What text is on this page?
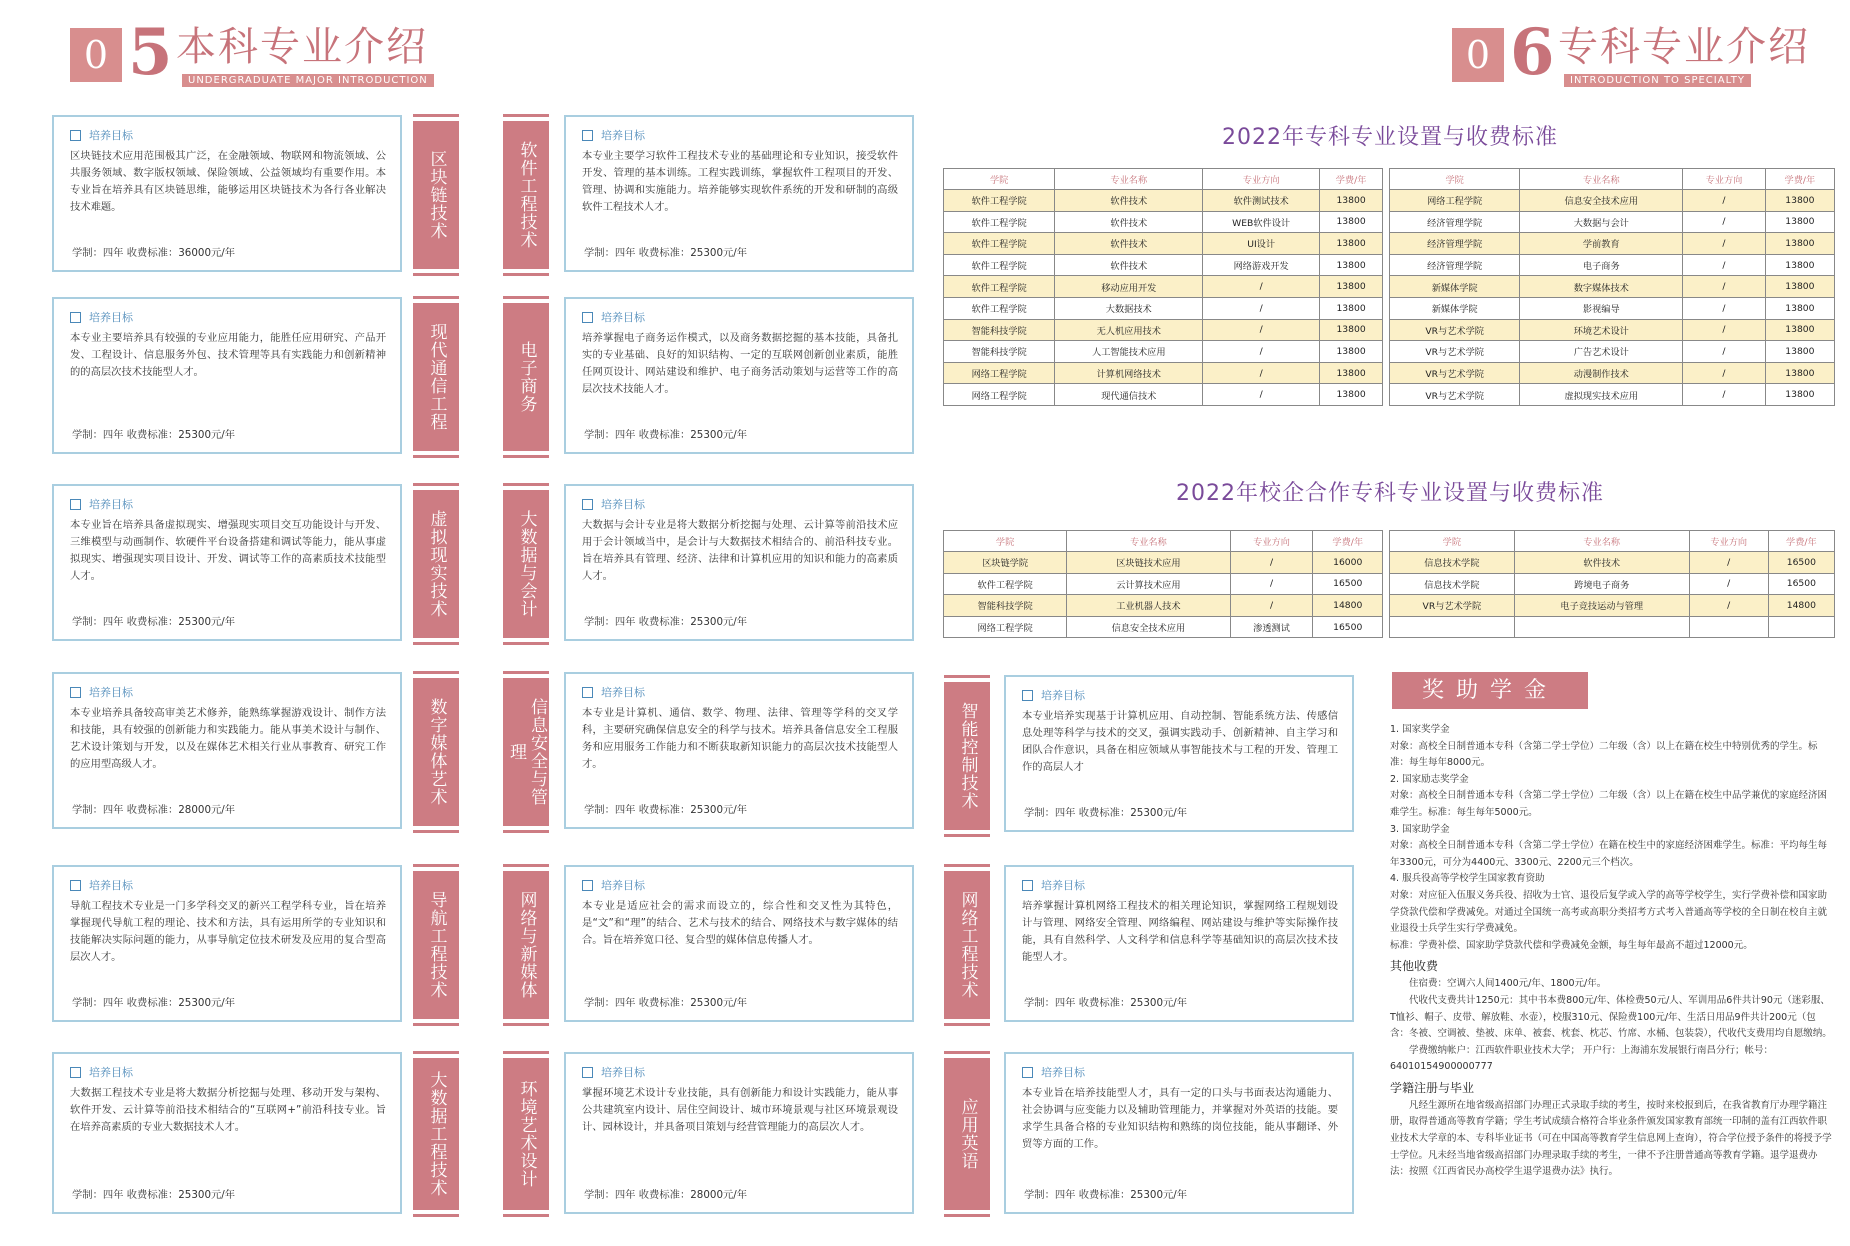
0 5 本科专业介绍
UNDERGRADUATE MAJOR INTRODUCTION
0 6 专科专业介绍
INTRODUCTION TO SPECIALTY
培养目标
区块链技术应用范围极其广泛，在金融领域、物联网和物流领域、公共服务领域、数字版权领域、保险领域、公益领域均有重要作用。本专业旨在培养具有区块链思维，能够运用区块链技术为各行各业解决技术难题。
学制：四年 收费标准：36000元/年
培养目标
本专业主要培养具有较强的专业应用能力，能胜任应用研究、产品开发、工程设计、信息服务外包、技术管理等具有实践能力和创新精神的的高层次技术技能型人才。
学制：四年 收费标准：25300元/年
培养目标
本专业旨在培养具备虚拟现实、增强现实项目交互功能设计与开发、三维模型与动画制作、软硬件平台设备搭建和调试等能力，能从事虚拟现实、增强现实项目设计、开发、调试等工作的高素质技术技能型人才。
学制：四年 收费标准：25300元/年
培养目标
本专业培养具备较高审美艺术修养，能熟练掌握游戏设计、制作方法和技能，具有较强的创新能力和实践能力。能从事美术设计与制作、艺术设计策划与开发，以及在媒体艺术相关行业从事教育、研究工作的应用型高级人才。
学制：四年 收费标准：28000元/年
培养目标
导航工程技术专业是一门多学科交叉的新兴工程学科专业，旨在培养掌握现代导航工程的理论、技术和方法，具有运用所学的专业知识和技能解决实际问题的能力，从事导航定位技术研发及应用的复合型高层次人才。
学制：四年 收费标准：25300元/年
培养目标
大数据工程技术专业是将大数据分析挖掘与处理、移动开发与架构、软件开发、云计算等前沿技术相结合的“互联网+”前沿科技专业。旨在培养高素质的专业大数据技术人才。
学制：四年 收费标准：25300元/年
区块链技术
现代通信工程
虚拟现实技术
数字媒体艺术
导航工程技术
大数据工程技术
软件工程技术
电子商务
大数据与会计
信息安全与管理
网络与新媒体
环境艺术设计
培养目标
本专业主要学习软件工程技术专业的基础理论和专业知识，接受软件开发、管理的基本训练。工程实践训练，掌握软件工程项目的开发、管理、协调和实施能力。培养能够实现软件系统的开发和研制的高级软件工程技术人才。
学制：四年 收费标准：25300元/年
培养目标
培养掌握电子商务运作模式，以及商务数据挖掘的基本技能，具备扎实的专业基础、良好的知识结构、一定的互联网创新创业素质，能胜任网页设计、网站建设和维护、电子商务活动策划与运营等工作的高层次技术技能人才。
学制：四年 收费标准：25300元/年
培养目标
大数据与会计专业是将大数据分析挖掘与处理、云计算等前沿技术应用于会计领域当中，是会计与大数据技术相结合的、前沿科技专业。旨在培养具有管理、经济、法律和计算机应用的知识和能力的高素质人才。
学制：四年 收费标准：25300元/年
培养目标
本专业是计算机、通信、数学、物理、法律、管理等学科的交叉学科，主要研究确保信息安全的科学与技术。培养具备信息安全工程服务和应用服务工作能力和不断获取新知识能力的高层次技术技能型人才。
学制：四年 收费标准：25300元/年
培养目标
本专业是适应社会的需求而设立的，综合性和交叉性为其特色，是“文”和“理”的结合、艺术与技术的结合、网络技术与数字媒体的结合。旨在培养宽口径、复合型的媒体信息传播人才。
学制：四年 收费标准：25300元/年
培养目标
掌握环境艺术设计专业技能，具有创新能力和设计实践能力，能从事公共建筑室内设计、居住空间设计、城市环境景观与社区环境景观设计、园林设计，并具备项目策划与经营管理能力的高层次人才。
学制：四年 收费标准：28000元/年
智能控制技术
网络工程技术
应用英语
培养目标
本专业培养实现基于计算机应用、自动控制、智能系统方法、传感信息处理等科学与技术的交叉，强调实践动手、创新精神、自主学习和团队合作意识，具备在相应领域从事智能技术与工程的开发、管理工作的高层人才
学制：四年 收费标准：25300元/年
培养目标
培养掌握计算机网络工程技术的相关理论知识，掌握网络工程规划设计与管理、网络安全管理、网络编程、网站建设与维护等实际操作技能，具有自然科学、人文科学和信息科学等基础知识的高层次技术技能型人才。
学制：四年 收费标准：25300元/年
培养目标
本专业旨在培养技能型人才，具有一定的口头与书面表达沟通能力、社会协调与应变能力以及辅助管理能力，并掌握对外英语的技能。要求学生具备合格的专业知识结构和熟练的岗位技能，能从事翻译、外贸等方面的工作。
学制：四年 收费标准：25300元/年
2022年专科专业设置与收费标准
学院	专业名称	专业方向	学费/年
软件工程学院	软件技术	软件测试技术	13800
软件工程学院	软件技术	WEB软件设计	13800
软件工程学院	软件技术	UI设计	13800
软件工程学院	软件技术	网络游戏开发	13800
软件工程学院	移动应用开发	/	13800
软件工程学院	大数据技术	/	13800
智能科技学院	无人机应用技术	/	13800
智能科技学院	人工智能技术应用	/	13800
网络工程学院	计算机网络技术	/	13800
网络工程学院	现代通信技术	/	13800
学院	专业名称	专业方向	学费/年
网络工程学院	信息安全技术应用	/	13800
经济管理学院	大数据与会计	/	13800
经济管理学院	学前教育	/	13800
经济管理学院	电子商务	/	13800
新媒体学院	数字媒体技术	/	13800
新媒体学院	影视编导	/	13800
VR与艺术学院	环境艺术设计	/	13800
VR与艺术学院	广告艺术设计	/	13800
VR与艺术学院	动漫制作技术	/	13800
VR与艺术学院	虚拟现实技术应用	/	13800
2022年校企合作专科专业设置与收费标准
学院	专业名称	专业方向	学费/年
区块链学院	区块链技术应用	/	16000
软件工程学院	云计算技术应用	/	16500
智能科技学院	工业机器人技术	/	14800
网络工程学院	信息安全技术应用	渗透测试	16500
学院	专业名称	专业方向	学费/年
信息技术学院	软件技术	/	16500
信息技术学院	跨境电子商务	/	16500
VR与艺术学院	电子竞技运动与管理	/	14800

奖助学金

1. 国家奖学金

对象：高校全日制普通本专科（含第二学士学位）二年级（含）以上在籍在校生中特别优秀的学生。标准：每生每年8000元。

2. 国家励志奖学金

对象：高校全日制普通本专科（含第二学士学位）二年级（含）以上在籍在校生中品学兼优的家庭经济困难学生。标准：每生每年5000元。

3. 国家助学金

对象：高校全日制普通本专科（含第二学士学位）在籍在校生中的家庭经济困难学生。标准：平均每生每年3300元，可分为4400元、3300元、2200元三个档次。

4. 服兵役高等学校学生国家教育资助

对象：对应征入伍服义务兵役、招收为士官、退役后复学或入学的高等学校学生，实行学费补偿和国家助学贷款代偿和学费减免。对通过全国统一高考或高职分类招考方式考入普通高等学校的全日制在校自主就业退役士兵学生实行学费减免。

标准：学费补偿、国家助学贷款代偿和学费减免金额，每生每年最高不超过12000元。

其他收费

住宿费：空调六人间1400元/年、1800元/年。

代收代支费共计1250元：其中书本费800元/年、体检费50元/人、军训用品6件共计90元（迷彩服、T恤衫、帽子、皮带、解放鞋、水壶），校服310元、保险费100元/年、生活日用品9件共计200元（包含：冬被、空调被、垫被、床单、被套、枕套、枕芯、竹席、水桶、包装袋），代收代支费用均自愿缴纳。

学费缴纳帐户：江西软件职业技术大学； 开户行：上海浦东发展银行南昌分行；帐号：64010154900000777

学籍注册与毕业

凡经生源所在地省级高招部门办理正式录取手续的考生，按时来校报到后，在我省教育厅办理学籍注册，取得普通高等教育学籍；学生考试成绩合格符合毕业条件颁发国家教育部统一印制的盖有江西软件职业技术大学章的本、专科毕业证书（可在中国高等教育学生信息网上查询），符合学位授予条件的将授予学士学位。凡未经当地省级高招部门办理录取手续的考生，一律不予注册普通高等教育学籍。退学退费办法：按照《江西省民办高校学生退学退费办法》执行。
